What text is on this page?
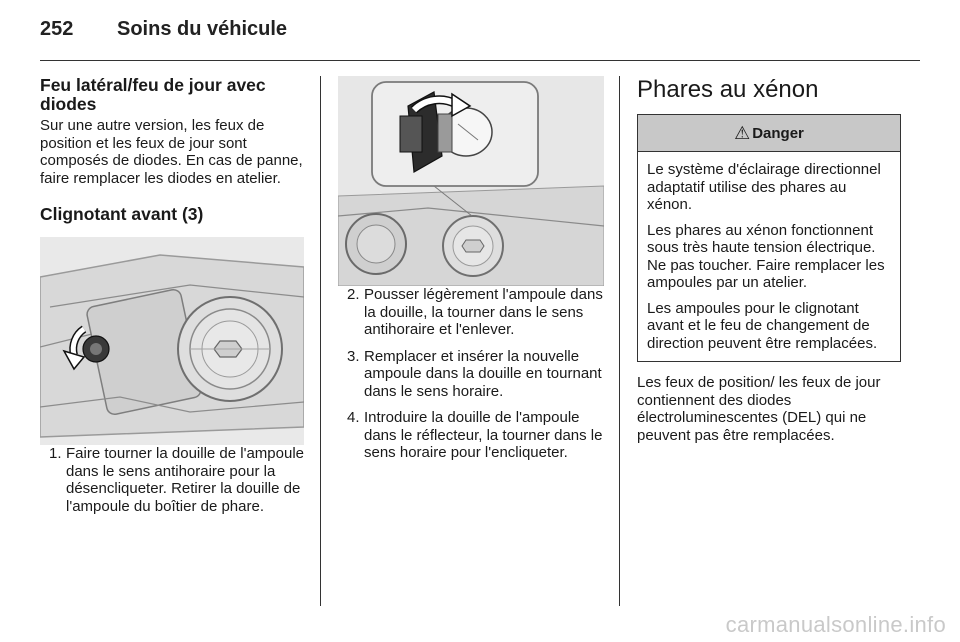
252 Soins du véhicule
Feu latéral/feu de jour avec diodes

Sur une autre version, les feux de position et les feux de jour sont composés de diodes. En cas de panne, faire remplacer les diodes en atelier.

Clignotant avant (3)
1. Faire tourner la douille de l'ampoule dans le sens antihoraire pour la désencliqueter. Retirer la douille de l'ampoule du boîtier de phare.
2. Pousser légèrement l'ampoule dans la douille, la tourner dans le sens antihoraire et l'enlever.
3. Remplacer et insérer la nouvelle ampoule dans la douille en tournant dans le sens horaire.
4. Introduire la douille de l'ampoule dans le réflecteur, la tourner dans le sens horaire pour l'encliqueter.
Phares au xénon
⚠ Danger

Le système d'éclairage directionnel adaptatif utilise des phares au xénon.

Les phares au xénon fonctionnent sous très haute tension électrique. Ne pas toucher. Faire remplacer les ampoules par un atelier.

Les ampoules pour le clignotant avant et le feu de changement de direction peuvent être remplacées.

Les feux de position/ les feux de jour contiennent des diodes électroluminescentes (DEL) qui ne peuvent pas être remplacées.

carmanualsonline.info
